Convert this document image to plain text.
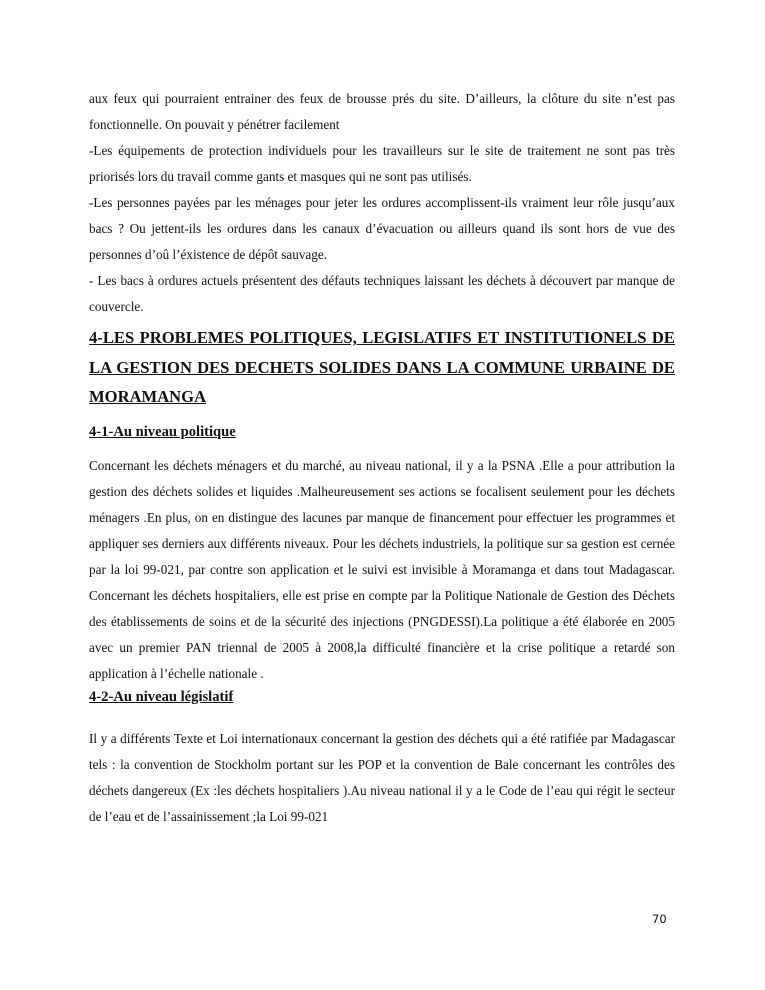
aux feux qui pourraient entrainer des feux de brousse prés du site. D’ailleurs, la clôture du site n’est pas fonctionnelle. On pouvait y pénétrer facilement

-Les équipements de protection individuels pour les travailleurs sur le site de traitement ne sont pas très priorisés lors du travail comme gants et masques qui ne sont pas utilisés.

-Les personnes payées par les ménages pour jeter les ordures accomplissent-ils vraiment leur rôle jusqu’aux bacs ? Ou jettent-ils les ordures dans les canaux d’évacuation ou ailleurs quand ils sont hors de vue des personnes d’oû l’éxistence de dépôt sauvage.

- Les bacs à ordures actuels présentent des défauts techniques laissant les déchets à découvert par manque de couvercle.

4-LES PROBLEMES POLITIQUES, LEGISLATIFS ET INSTITUTIONELS DE LA GESTION DES DECHETS SOLIDES DANS LA COMMUNE URBAINE DE MORAMANGA
4-1-Au niveau politique

Concernant les déchets ménagers et du marché, au niveau national, il y a la PSNA .Elle a pour attribution la gestion des déchets solides et liquides .Malheureusement ses actions se focalisent seulement pour les déchets ménagers .En plus, on en distingue des lacunes par manque de financement pour effectuer les programmes et appliquer ses derniers aux différents niveaux. Pour les déchets industriels, la politique sur sa gestion est cernée par la loi 99-021, par contre son application et le suivi est invisible à Moramanga et dans tout Madagascar. Concernant les déchets hospitaliers, elle est prise en compte par la Politique Nationale de Gestion des Déchets des établissements de soins et de la sécurité des injections (PNGDESSI).La politique a été élaborée en 2005 avec un premier PAN triennal de 2005 à 2008,la difficulté financière et la crise politique a retardé son application à l’échelle nationale .

4-2-Au niveau législatif

Il y a différents Texte et Loi internationaux concernant la gestion des déchets qui a été ratifiée par Madagascar tels : la convention de Stockholm portant sur les POP et la convention de Bale concernant les contrôles des déchets dangereux (Ex :les déchets hospitaliers ).Au niveau national il y a le Code de l’eau qui régit le secteur de l’eau et de l’assainissement ;la Loi 99-021

70
